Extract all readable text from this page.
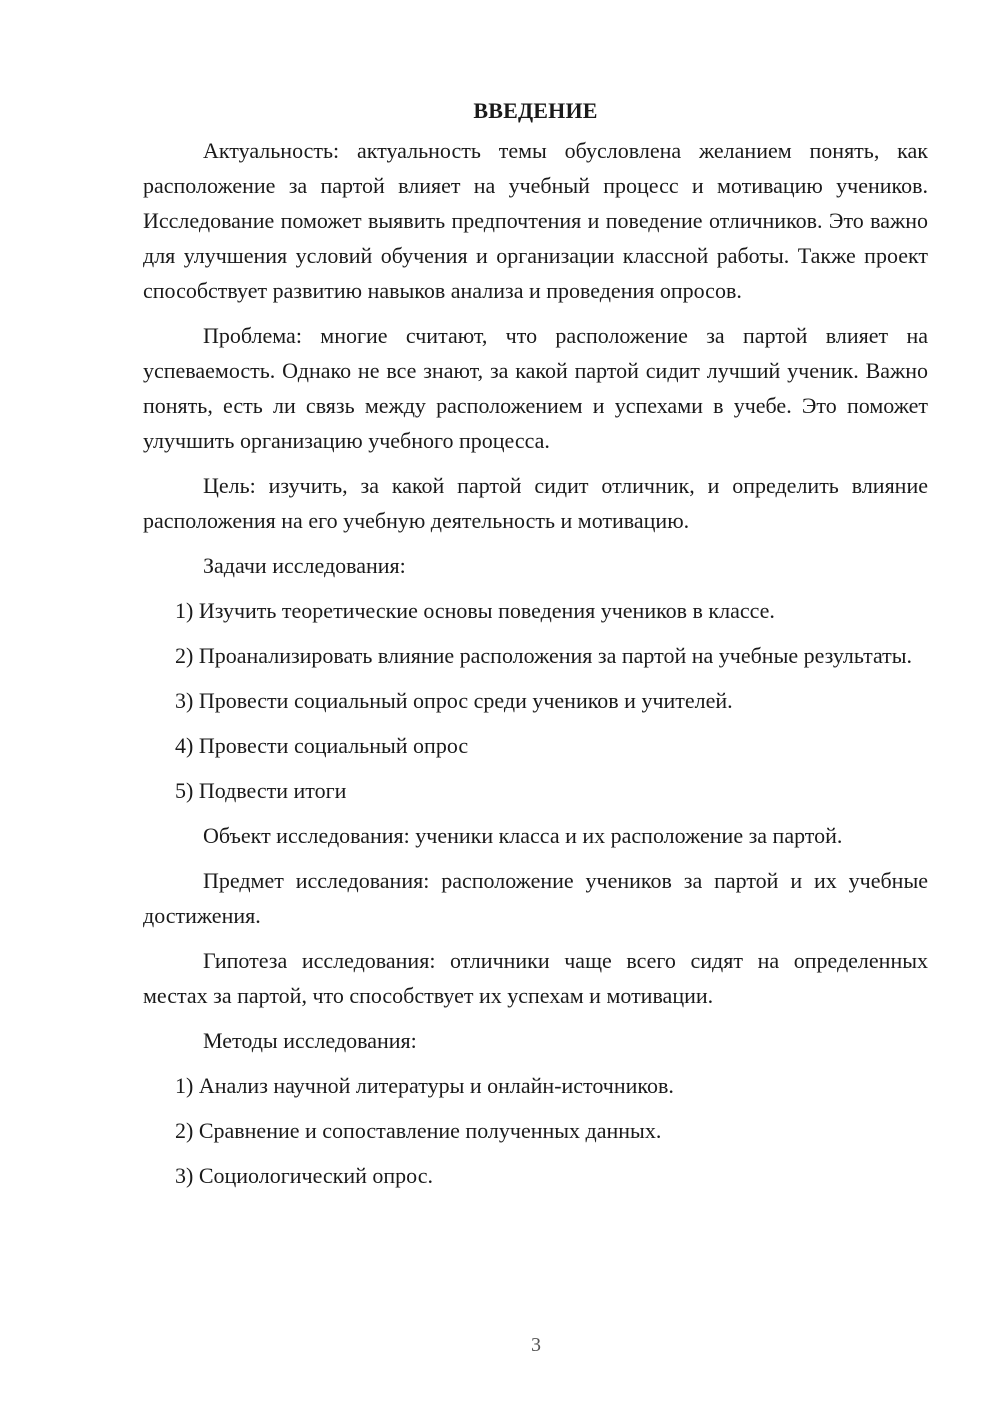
ВВЕДЕНИЕ

Актуальность: актуальность темы обусловлена желанием понять, как расположение за партой влияет на учебный процесс и мотивацию учеников. Исследование поможет выявить предпочтения и поведение отличников. Это важно для улучшения условий обучения и организации классной работы. Также проект способствует развитию навыков анализа и проведения опросов.

Проблема: многие считают, что расположение за партой влияет на успеваемость. Однако не все знают, за какой партой сидит лучший ученик. Важно понять, есть ли связь между расположением и успехами в учебе. Это поможет улучшить организацию учебного процесса.

Цель: изучить, за какой партой сидит отличник, и определить влияние расположения на его учебную деятельность и мотивацию.

Задачи исследования:

1) Изучить теоретические основы поведения учеников в классе.

2) Проанализировать влияние расположения за партой на учебные результаты.

3) Провести социальный опрос среди учеников и учителей.

4) Провести социальный опрос

5) Подвести итоги

Объект исследования: ученики класса и их расположение за партой.

Предмет исследования: расположение учеников за партой и их учебные достижения.

Гипотеза исследования: отличники чаще всего сидят на определенных местах за партой, что способствует их успехам и мотивации.

Методы исследования:

1) Анализ научной литературы и онлайн-источников.

2) Сравнение и сопоставление полученных данных.

3) Социологический опрос.

3
